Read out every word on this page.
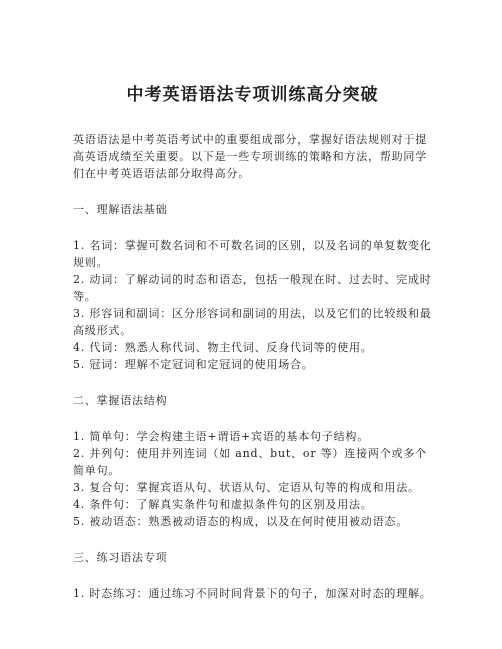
中考英语语法专项训练高分突破

英语语法是中考英语考试中的重要组成部分，掌握好语法规则对于提高英语成绩至关重要。以下是一些专项训练的策略和方法，帮助同学们在中考英语语法部分取得高分。

一、理解语法基础

1. 名词：掌握可数名词和不可数名词的区别，以及名词的单复数变化规则。

2. 动词：了解动词的时态和语态，包括一般现在时、过去时、完成时等。

3. 形容词和副词：区分形容词和副词的用法，以及它们的比较级和最高级形式。

4. 代词：熟悉人称代词、物主代词、反身代词等的使用。

5. 冠词：理解不定冠词和定冠词的使用场合。

二、掌握语法结构

1. 简单句：学会构建主语+谓语+宾语的基本句子结构。

2. 并列句：使用并列连词（如 and、but、or 等）连接两个或多个简单句。

3. 复合句：掌握宾语从句、状语从句、定语从句等的构成和用法。

4. 条件句：了解真实条件句和虚拟条件句的区别及用法。

5. 被动语态：熟悉被动语态的构成，以及在何时使用被动语态。

三、练习语法专项

1. 时态练习：通过练习不同时间背景下的句子，加深对时态的理解。
